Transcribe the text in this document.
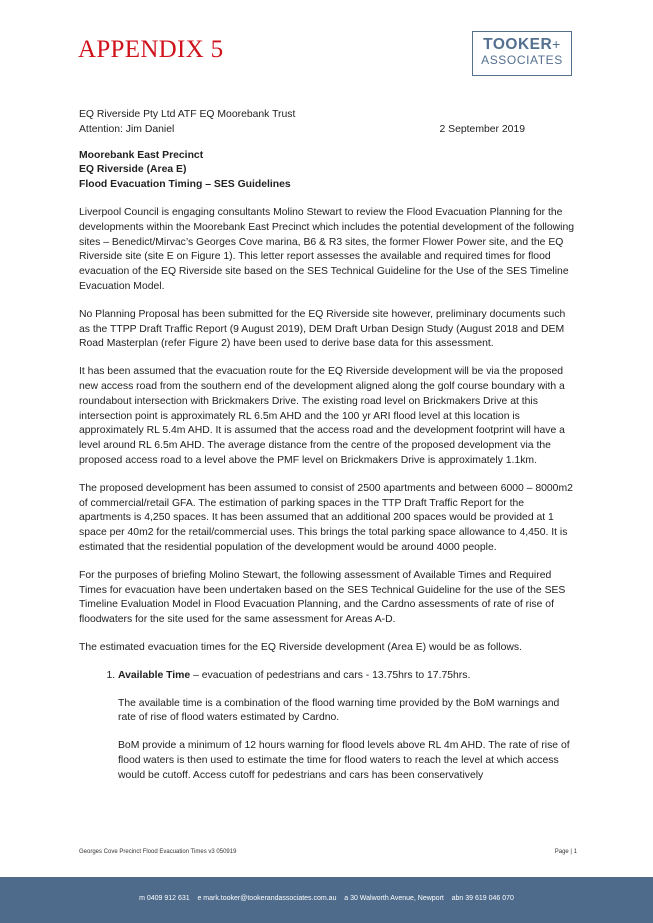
APPENDIX 5	TOOKER+
ASSOCIATES

EQ Riverside Pty Ltd ATF EQ Moorebank Trust

Attention: Jim Daniel	2 September 2019

Moorebank East Precinct
EQ Riverside (Area E)
Flood Evacuation Timing – SES Guidelines

Liverpool Council is engaging consultants Molino Stewart to review the Flood Evacuation Planning for the developments within the Moorebank East Precinct which includes the potential development of the following sites – Benedict/Mirvac’s Georges Cove marina, B6 & R3 sites, the former Flower Power site, and the EQ Riverside site (site E on Figure 1). This letter report assesses the available and required times for flood evacuation of the EQ Riverside site based on the SES Technical Guideline for the Use of the SES Timeline Evacuation Model.

No Planning Proposal has been submitted for the EQ Riverside site however, preliminary documents such as the TTPP Draft Traffic Report (9 August 2019), DEM Draft Urban Design Study (August 2018 and DEM Road Masterplan (refer Figure 2) have been used to derive base data for this assessment.

It has been assumed that the evacuation route for the EQ Riverside development will be via the proposed new access road from the southern end of the development aligned along the golf course boundary with a roundabout intersection with Brickmakers Drive. The existing road level on Brickmakers Drive at this intersection point is approximately RL 6.5m AHD and the 100 yr ARI flood level at this location is approximately RL 5.4m AHD. It is assumed that the access road and the development footprint will have a level around RL 6.5m AHD. The average distance from the centre of the proposed development via the proposed access road to a level above the PMF level on Brickmakers Drive is approximately 1.1km.

The proposed development has been assumed to consist of 2500 apartments and between 6000 – 8000m2 of commercial/retail GFA. The estimation of parking spaces in the TTP Draft Traffic Report for the apartments is 4,250 spaces. It has been assumed that an additional 200 spaces would be provided at 1 space per 40m2 for the retail/commercial uses. This brings the total parking space allowance to 4,450. It is estimated that the residential population of the development would be around 4000 people.

For the purposes of briefing Molino Stewart, the following assessment of Available Times and Required Times for evacuation have been undertaken based on the SES Technical Guideline for the use of the SES Timeline Evaluation Model in Flood Evacuation Planning, and the Cardno assessments of rate of rise of floodwaters for the site used for the same assessment for Areas A-D.

The estimated evacuation times for the EQ Riverside development (Area E) would be as follows.

1. Available Time – evacuation of pedestrians and cars - 13.75hrs to 17.75hrs.

The available time is a combination of the flood warning time provided by the BoM warnings and rate of rise of flood waters estimated by Cardno.

BoM provide a minimum of 12 hours warning for flood levels above RL 4m AHD. The rate of rise of flood waters is then used to estimate the time for flood waters to reach the level at which access would be cutoff. Access cutoff for pedestrians and cars has been conservatively

Georges Cove Precinct Flood Evacuation Times v3 050919	Page | 1
m 0409 912 631    e mark.tooker@tookerandassociates.com.au    a 30 Walworth Avenue, Newport    abn 39 619 046 070
